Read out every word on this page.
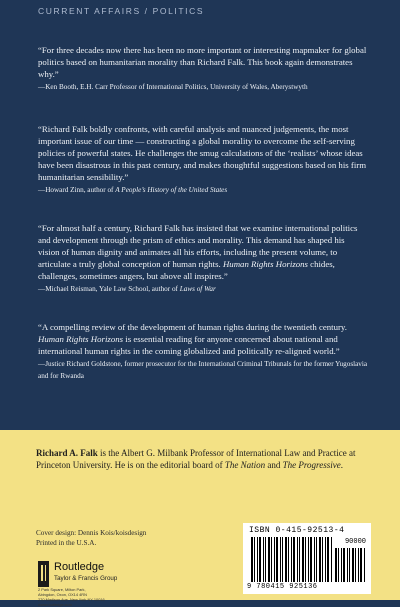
CURRENT AFFAIRS / POLITICS
“For three decades now there has been no more important or interesting mapmaker for global politics based on humanitarian morality than Richard Falk. This book again demonstrates why.”
—Ken Booth, E.H. Carr Professor of International Politics, University of Wales, Aberystwyth
“Richard Falk boldly confronts, with careful analysis and nuanced judgements, the most important issue of our time — constructing a global morality to overcome the self-serving policies of powerful states. He challenges the smug calculations of the ‘realists’ whose ideas have been disastrous in this past century, and makes thoughtful suggestions based on his firm humanitarian sensibility.”
—Howard Zinn, author of A People’s History of the United States
“For almost half a century, Richard Falk has insisted that we examine international politics and development through the prism of ethics and morality. This demand has shaped his vision of human dignity and animates all his efforts, including the present volume, to articulate a truly global conception of human rights. Human Rights Horizons chides, challenges, sometimes angers, but above all inspires.”
—Michael Reisman, Yale Law School, author of Laws of War
“A compelling review of the development of human rights during the twentieth century. Human Rights Horizons is essential reading for anyone concerned about national and international human rights in the coming globalized and politically re-aligned world.”
—Justice Richard Goldstone, former prosecutor for the International Criminal Tribunals for the former Yugoslavia and for Rwanda

Richard A. Falk is the Albert G. Milbank Professor of International Law and Practice at Princeton University. He is on the editorial board of The Nation and The Progressive.

Cover design: Dennis Kois/koisdesign
Printed in the U.S.A.
Routledge
Taylor & Francis Group

2 Park Square, Milton Park,
Abingdon, Oxon, OX14 4RN
270 Madison Ave, New York NY 10016
www.routledge.com

ISBN 0-415-92513-4
90000
9 780415 925136
